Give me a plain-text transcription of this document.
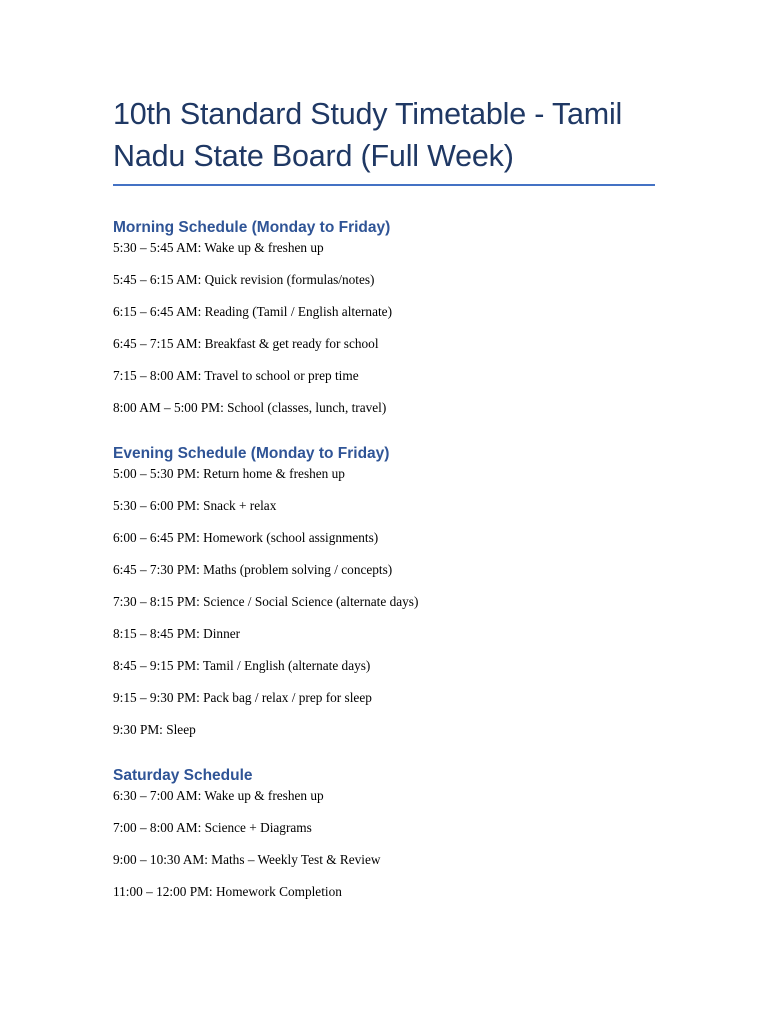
10th Standard Study Timetable - Tamil Nadu State Board (Full Week)
Morning Schedule (Monday to Friday)

5:30 – 5:45 AM: Wake up & freshen up

5:45 – 6:15 AM: Quick revision (formulas/notes)

6:15 – 6:45 AM: Reading (Tamil / English alternate)

6:45 – 7:15 AM: Breakfast & get ready for school

7:15 – 8:00 AM: Travel to school or prep time

8:00 AM – 5:00 PM: School (classes, lunch, travel)

Evening Schedule (Monday to Friday)

5:00 – 5:30 PM: Return home & freshen up

5:30 – 6:00 PM: Snack + relax

6:00 – 6:45 PM: Homework (school assignments)

6:45 – 7:30 PM: Maths (problem solving / concepts)

7:30 – 8:15 PM: Science / Social Science (alternate days)

8:15 – 8:45 PM: Dinner

8:45 – 9:15 PM: Tamil / English (alternate days)

9:15 – 9:30 PM: Pack bag / relax / prep for sleep

9:30 PM: Sleep

Saturday Schedule

6:30 – 7:00 AM: Wake up & freshen up

7:00 – 8:00 AM: Science + Diagrams

9:00 – 10:30 AM: Maths – Weekly Test & Review

11:00 – 12:00 PM: Homework Completion
